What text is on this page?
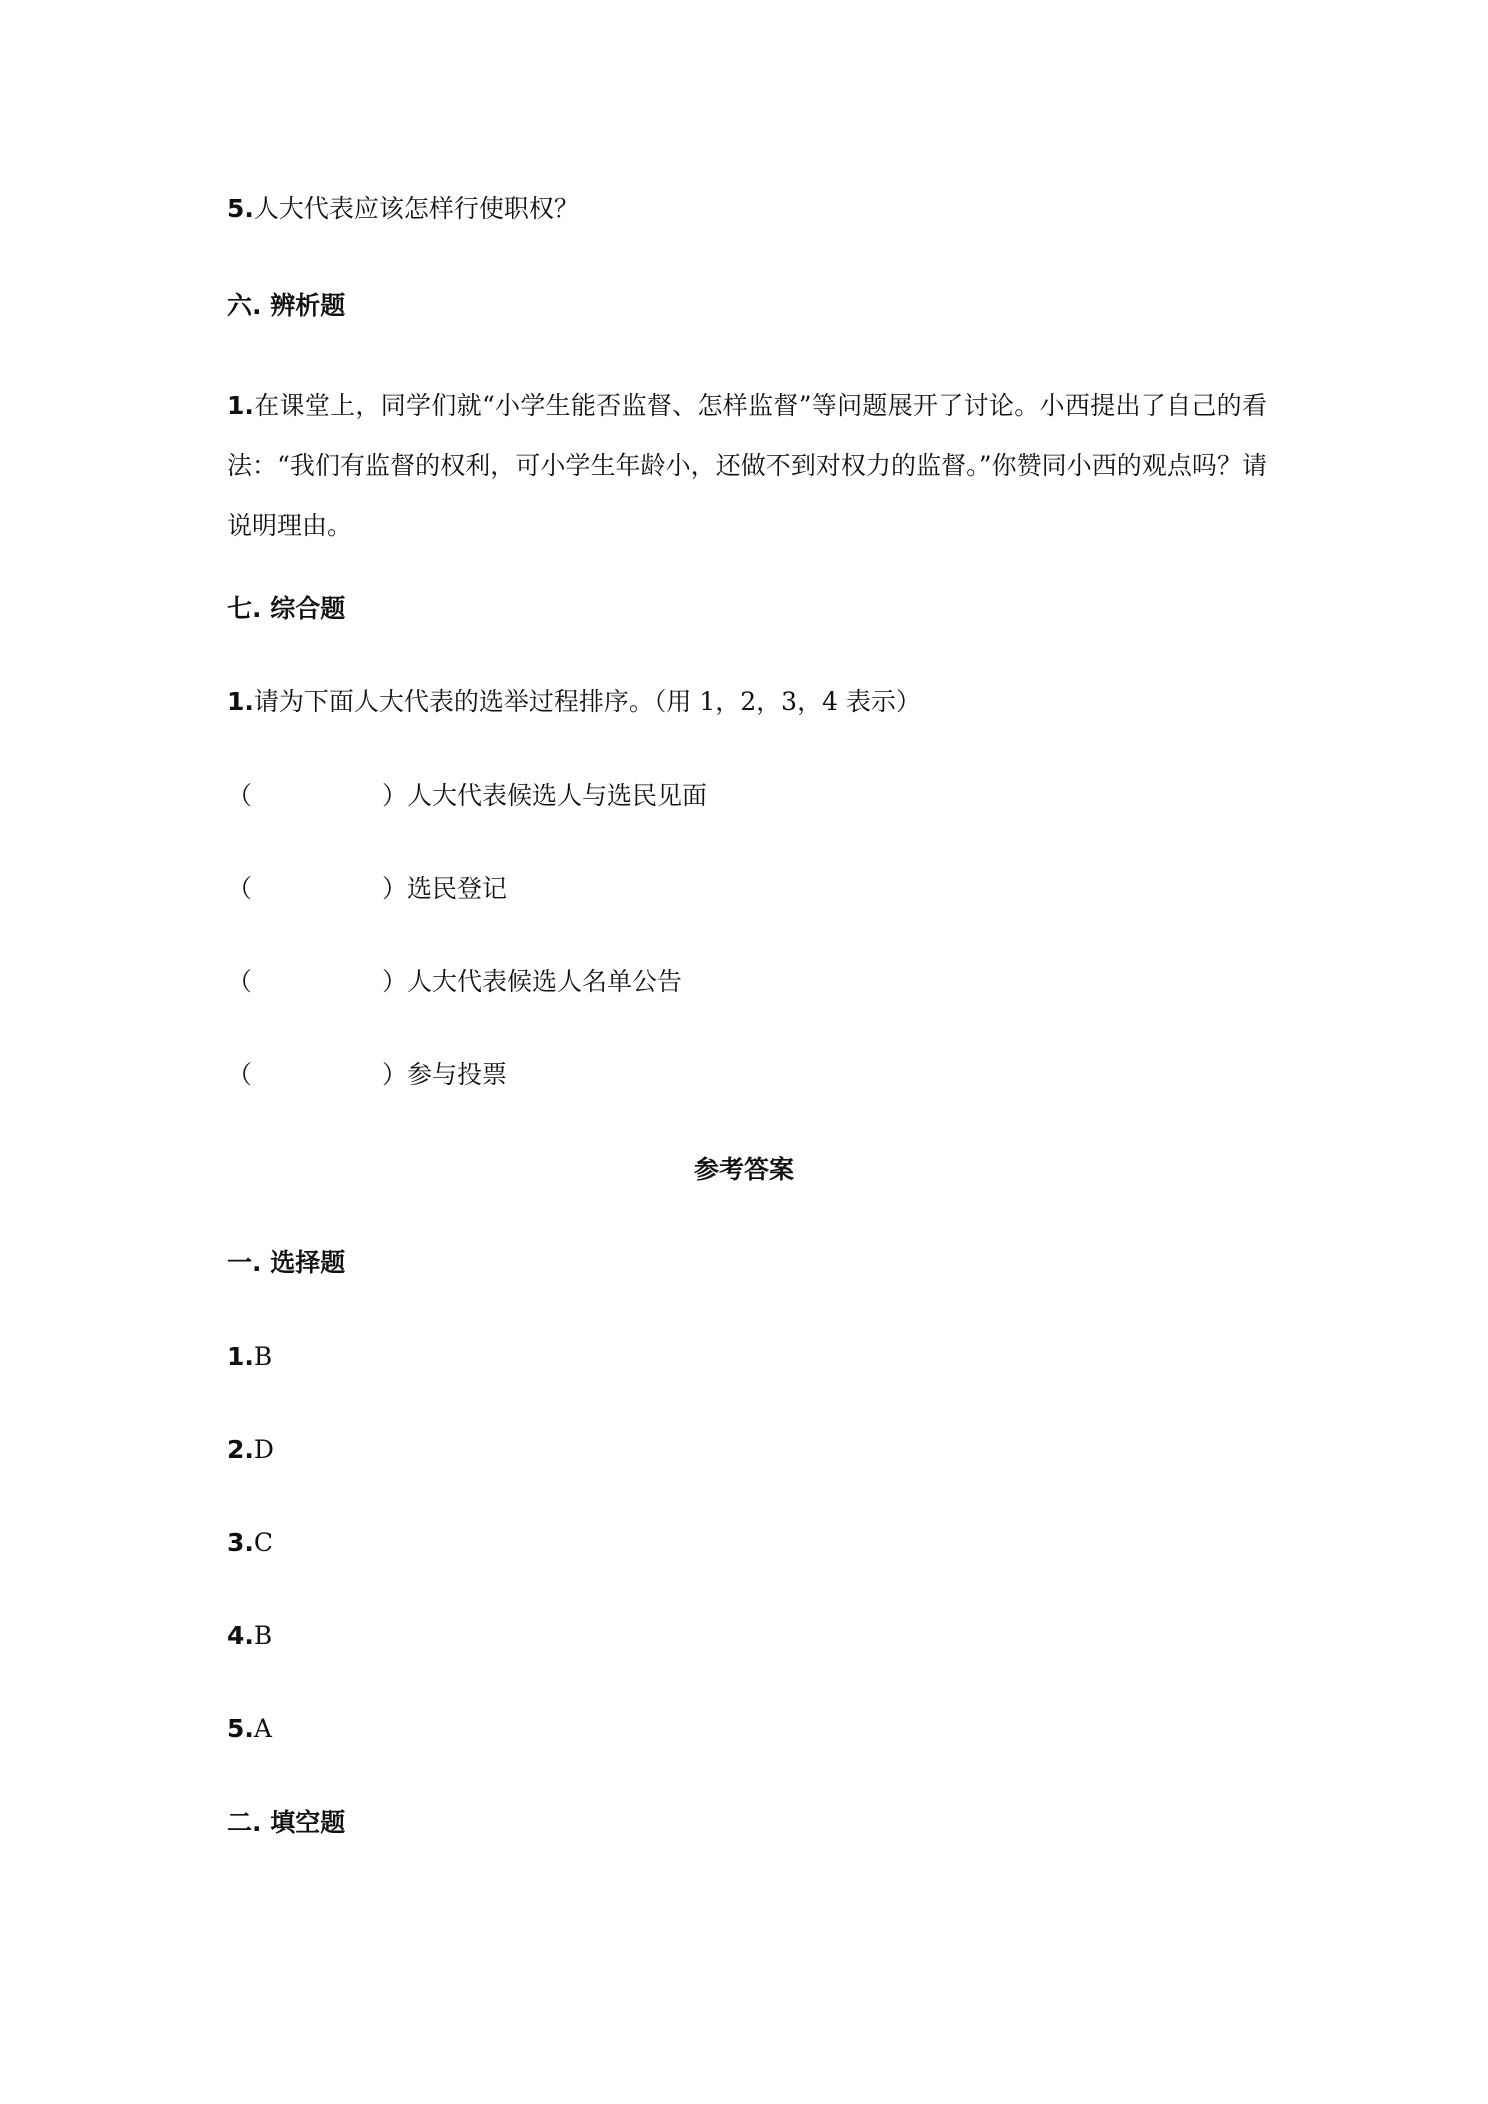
5.人大代表应该怎样行使职权？

六. 辨析题

1.在课堂上，同学们就“小学生能否监督、怎样监督”等问题展开了讨论。小西提出了自己的看法：“我们有监督的权利，可小学生年龄小，还做不到对权力的监督。”你赞同小西的观点吗？请说明理由。

七. 综合题

1.请为下面人大代表的选举过程排序。（用 1，2，3，4 表示）

（	）人大代表候选人与选民见面

（	）选民登记

（	）人大代表候选人名单公告

（	）参与投票

参考答案

一. 选择题

1.B

2.D

3.C

4.B

5.A

二. 填空题
